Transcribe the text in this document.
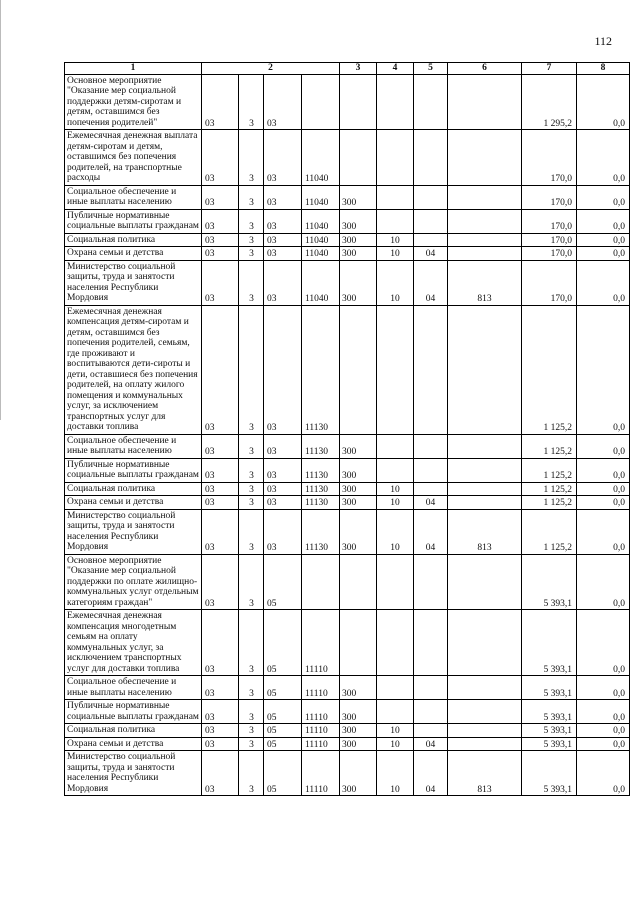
112
1	2				3	4	5	6	7	8	
Основное мероприятие "Оказание мер социальной поддержки детям-сиротам и детям, оставшимся без попечения родителей"	03	3	03						1 295,2	0,0	
Ежемесячная денежная выплата детям-сиротам и детям, оставшимся без попечения родителей, на транспортные расходы	03	3	03	11040					170,0	0,0	
Социальное обеспечение и иные выплаты населению	03	3	03	11040	300				170,0	0,0	
Публичные нормативные социальные выплаты гражданам	03	3	03	11040	300				170,0	0,0	
Социальная политика	03	3	03	11040	300	10			170,0	0,0	
Охрана семьи и детства	03	3	03	11040	300	10	04		170,0	0,0	
Министерство социальной защиты, труда и занятости населения Республики Мордовия	03	3	03	11040	300	10	04	813	170,0	0,0	
Ежемесячная денежная компенсация детям-сиротам и детям, оставшимся без попечения родителей, семьям, где проживают и воспитываются дети-сироты и дети, оставшиеся без попечения родителей, на оплату жилого помещения и коммунальных услуг, за исключением транспортных услуг для доставки топлива	03	3	03	11130					1 125,2	0,0	
Социальное обеспечение и иные выплаты населению	03	3	03	11130	300				1 125,2	0,0	
Публичные нормативные социальные выплаты гражданам	03	3	03	11130	300				1 125,2	0,0	
Социальная политика	03	3	03	11130	300	10			1 125,2	0,0	
Охрана семьи и детства	03	3	03	11130	300	10	04		1 125,2	0,0	
Министерство социальной защиты, труда и занятости населения Республики Мордовия	03	3	03	11130	300	10	04	813	1 125,2	0,0	
Основное мероприятие "Оказание мер социальной поддержки по оплате жилищно-коммунальных услуг отдельным категориям граждан"	03	3	05						5 393,1	0,0	
Ежемесячная денежная компенсация многодетным семьям на оплату коммунальных услуг, за исключением транспортных услуг для доставки топлива	03	3	05	11110					5 393,1	0,0	
Социальное обеспечение и иные выплаты населению	03	3	05	11110	300				5 393,1	0,0	
Публичные нормативные социальные выплаты гражданам	03	3	05	11110	300				5 393,1	0,0	
Социальная политика	03	3	05	11110	300	10			5 393,1	0,0	
Охрана семьи и детства	03	3	05	11110	300	10	04		5 393,1	0,0	
Министерство социальной защиты, труда и занятости населения Республики Мордовия	03	3	05	11110	300	10	04	813	5 393,1	0,0	
